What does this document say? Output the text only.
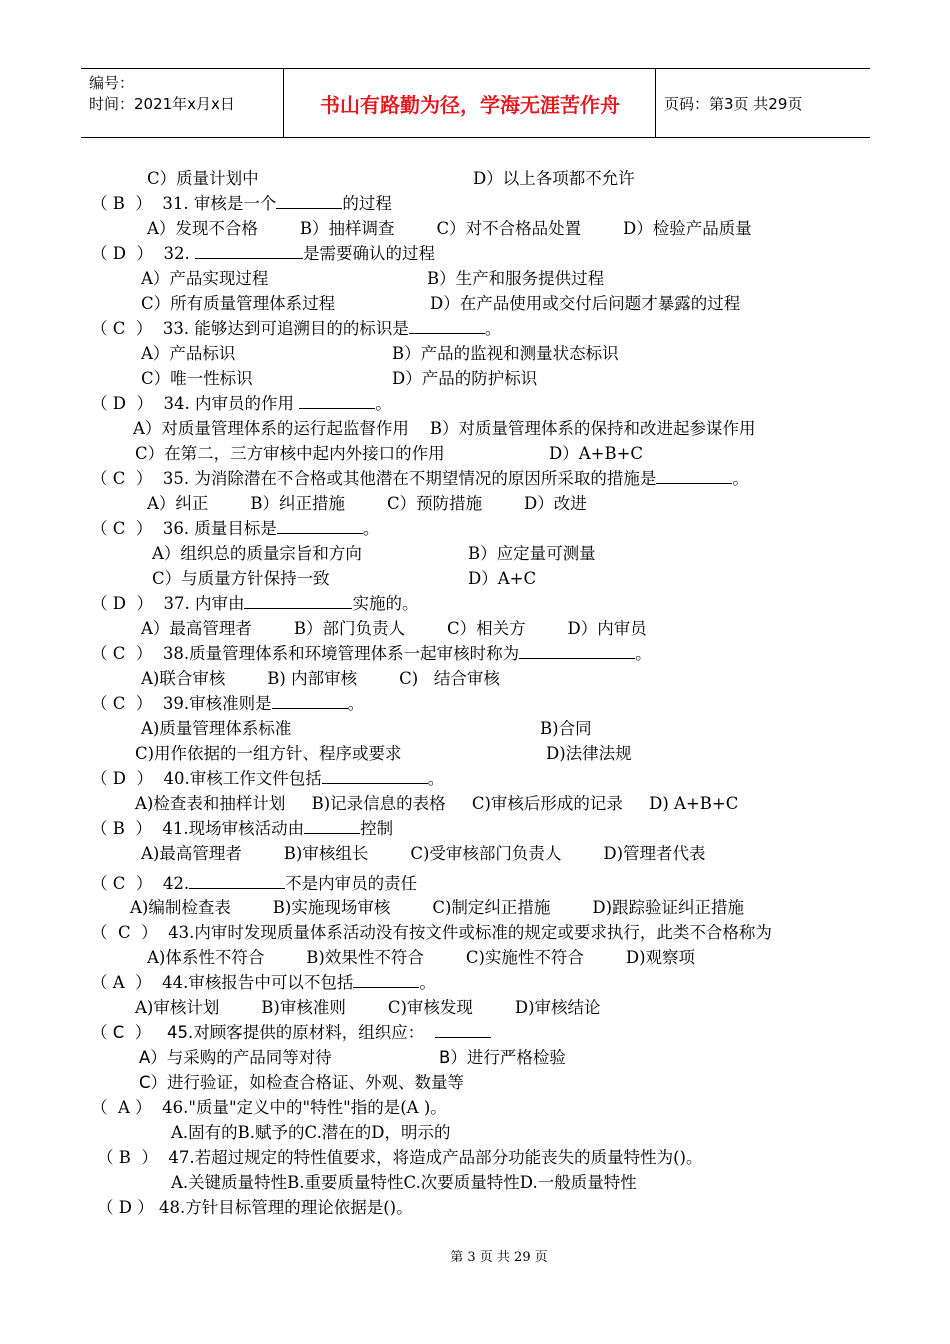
编号：
时间：2021年x月x日	书山有路勤为径，学海无涯苦作舟	页码：第3页 共29页
C）质量计划中	D）以上各项都不允许
（ B  ）  31. 审核是一个	的过程
A）发现不合格        B）抽样调查        C）对不合格品处置        D）检验产品质量
（ D  ）  32.	是需要确认的过程
A）产品实现过程	B）生产和服务提供过程
C）所有质量管理体系过程	D）在产品使用或交付后问题才暴露的过程
（ C  ）  33. 能够达到可追溯目的的标识是	。
A）产品标识	B）产品的监视和测量状态标识
C）唯一性标识	D）产品的防护标识
（ D  ）  34. 内审员的作用	。
A）对质量管理体系的运行起监督作用    B）对质量管理体系的保持和改进起参谋作用
C）在第二，三方审核中起内外接口的作用	D）A+B+C
（ C  ）  35. 为消除潜在不合格或其他潜在不期望情况的原因所采取的措施是	。
A）纠正        B）纠正措施        C）预防措施        D）改进
（ C  ）  36. 质量目标是	。
A）组织总的质量宗旨和方向	B）应定量可测量
C）与质量方针保持一致	D）A+C
（ D  ）  37. 内审由	实施的。
A）最高管理者        B）部门负责人        C）相关方        D）内审员
（ C  ）  38.质量管理体系和环境管理体系一起审核时称为	。
A)联合审核        B) 内部审核        C)   结合审核
（ C  ）  39.审核准则是	。
A)质量管理体系标准	B)合同
C)用作依据的一组方针、程序或要求	D)法律法规
（ D  ）  40.审核工作文件包括	。
A)检查表和抽样计划     B)记录信息的表格     C)审核后形成的记录     D) A+B+C
（ B  ）  41.现场审核活动由	控制
A)最高管理者        B)审核组长        C)受审核部门负责人        D)管理者代表
（ C  ）  42.	不是内审员的责任
A)编制检查表        B)实施现场审核        C)制定纠正措施        D)跟踪验证纠正措施
（  C  ）  43.内审时发现质量体系活动没有按文件或标准的规定或要求执行，此类不合格称为
A)体系性不符合        B)效果性不符合        C)实施性不符合        D)观察项
（ A  ）  44.审核报告中可以不包括	。
A)审核计划        B)审核准则        C)审核发现        D)审核结论
（ C  ）   45.对顾客提供的原材料，组织应：
A）与采购的产品同等对待	B）进行严格检验
C）进行验证，如检查合格证、外观、数量等
（  A ）  46."质量"定义中的"特性"指的是(A )。
A.固有的B.赋予的C.潜在的D，明示的
（ B  ）  47.若超过规定的特性值要求，将造成产品部分功能丧失的质量特性为()。
A.关键质量特性B.重要质量特性C.次要质量特性D.一般质量特性
（ D ） 48.方针目标管理的理论依据是()。
第 3 页 共 29 页
